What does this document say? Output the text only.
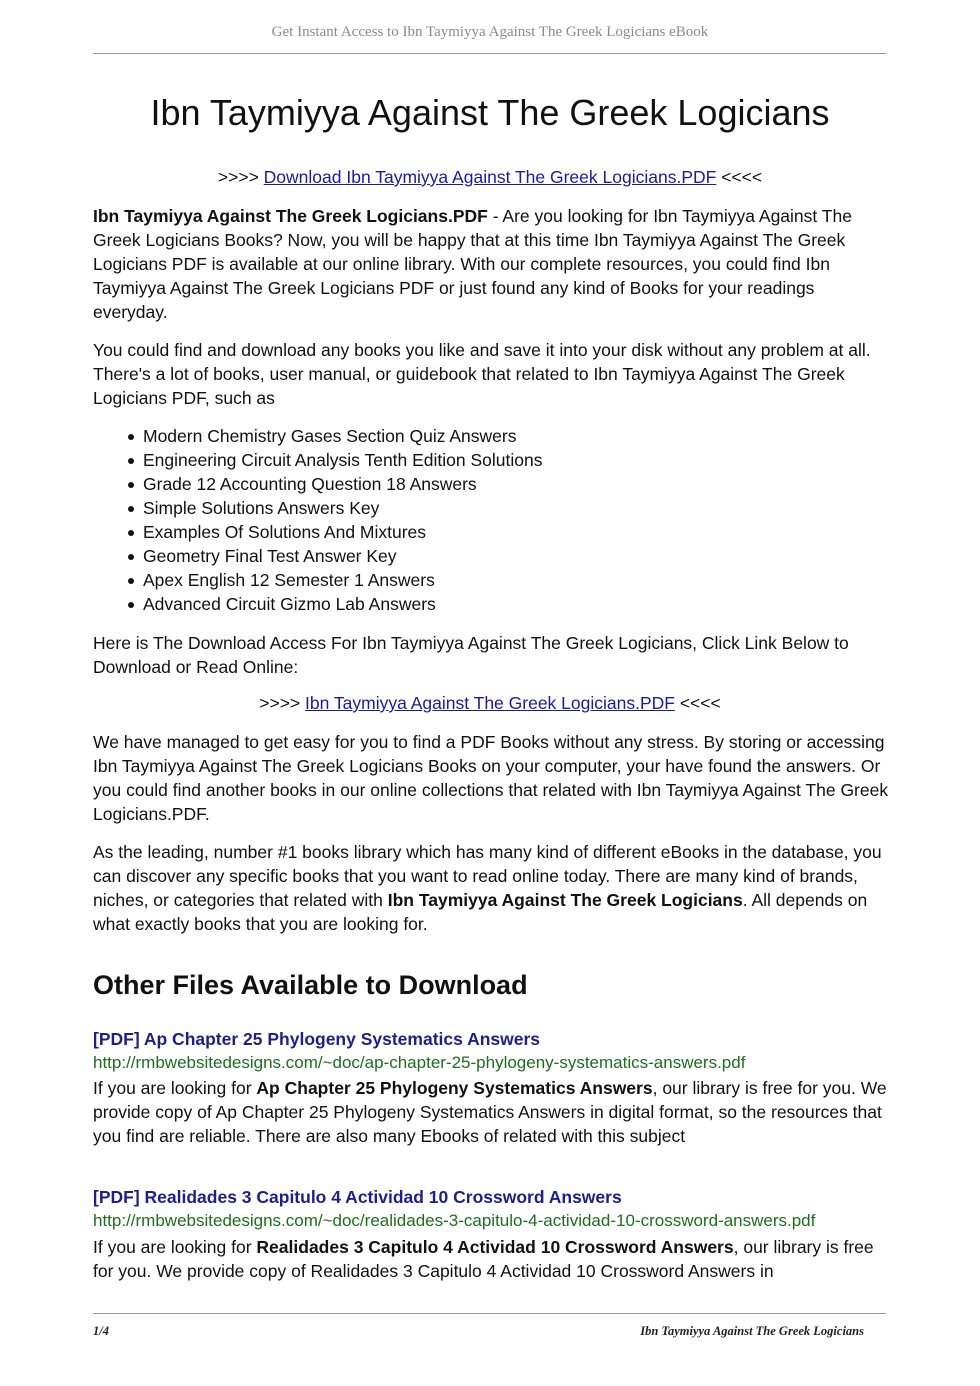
Get Instant Access to Ibn Taymiyya Against The Greek Logicians eBook
Ibn Taymiyya Against The Greek Logicians
>>>> Download Ibn Taymiyya Against The Greek Logicians.PDF <<<<

Ibn Taymiyya Against The Greek Logicians.PDF - Are you looking for Ibn Taymiyya Against The Greek Logicians Books? Now, you will be happy that at this time Ibn Taymiyya Against The Greek Logicians PDF is available at our online library. With our complete resources, you could find Ibn Taymiyya Against The Greek Logicians PDF or just found any kind of Books for your readings everyday.

You could find and download any books you like and save it into your disk without any problem at all. There's a lot of books, user manual, or guidebook that related to Ibn Taymiyya Against The Greek Logicians PDF, such as

Modern Chemistry Gases Section Quiz Answers
Engineering Circuit Analysis Tenth Edition Solutions
Grade 12 Accounting Question 18 Answers
Simple Solutions Answers Key
Examples Of Solutions And Mixtures
Geometry Final Test Answer Key
Apex English 12 Semester 1 Answers
Advanced Circuit Gizmo Lab Answers

Here is The Download Access For Ibn Taymiyya Against The Greek Logicians, Click Link Below to Download or Read Online:

>>>> Ibn Taymiyya Against The Greek Logicians.PDF <<<<

We have managed to get easy for you to find a PDF Books without any stress. By storing or accessing Ibn Taymiyya Against The Greek Logicians Books on your computer, your have found the answers. Or you could find another books in our online collections that related with Ibn Taymiyya Against The Greek Logicians.PDF.

As the leading, number #1 books library which has many kind of different eBooks in the database, you can discover any specific books that you want to read online today. There are many kind of brands, niches, or categories that related with Ibn Taymiyya Against The Greek Logicians. All depends on what exactly books that you are looking for.

Other Files Available to Download
[PDF] Ap Chapter 25 Phylogeny Systematics Answers
http://rmbwebsitedesigns.com/~doc/ap-chapter-25-phylogeny-systematics-answers.pdf

If you are looking for Ap Chapter 25 Phylogeny Systematics Answers, our library is free for you. We provide copy of Ap Chapter 25 Phylogeny Systematics Answers in digital format, so the resources that you find are reliable. There are also many Ebooks of related with this subject

[PDF] Realidades 3 Capitulo 4 Actividad 10 Crossword Answers
http://rmbwebsitedesigns.com/~doc/realidades-3-capitulo-4-actividad-10-crossword-answers.pdf

If you are looking for Realidades 3 Capitulo 4 Actividad 10 Crossword Answers, our library is free for you. We provide copy of Realidades 3 Capitulo 4 Actividad 10 Crossword Answers in

1/4	Ibn Taymiyya Against The Greek Logicians
